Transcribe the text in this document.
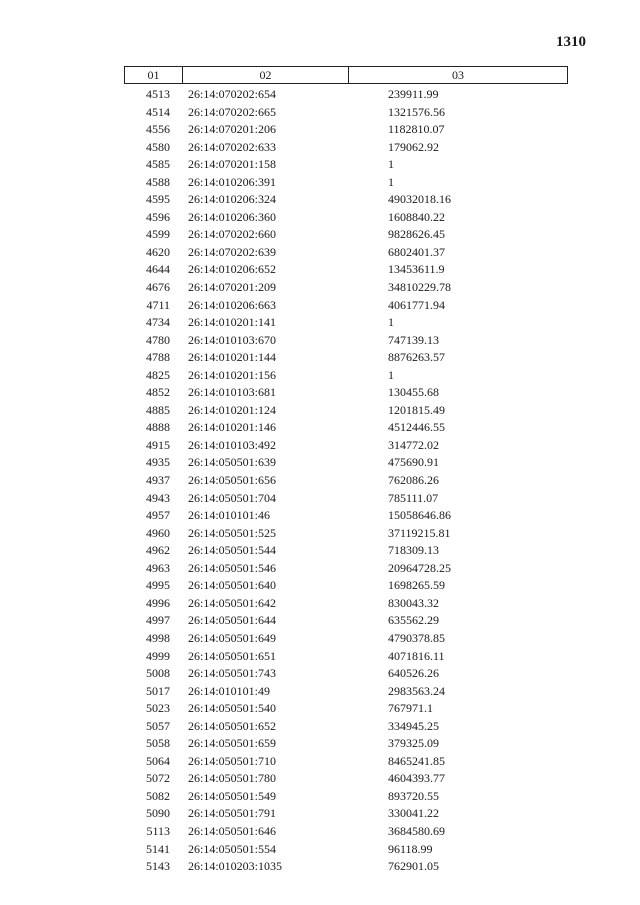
1310
01	02	03
4513	26:14:070202:654	239911.99
4514	26:14:070202:665	1321576.56
4556	26:14:070201:206	1182810.07
4580	26:14:070202:633	179062.92
4585	26:14:070201:158	1
4588	26:14:010206:391	1
4595	26:14:010206:324	49032018.16
4596	26:14:010206:360	1608840.22
4599	26:14:070202:660	9828626.45
4620	26:14:070202:639	6802401.37
4644	26:14:010206:652	13453611.9
4676	26:14:070201:209	34810229.78
4711	26:14:010206:663	4061771.94
4734	26:14:010201:141	1
4780	26:14:010103:670	747139.13
4788	26:14:010201:144	8876263.57
4825	26:14:010201:156	1
4852	26:14:010103:681	130455.68
4885	26:14:010201:124	1201815.49
4888	26:14:010201:146	4512446.55
4915	26:14:010103:492	314772.02
4935	26:14:050501:639	475690.91
4937	26:14:050501:656	762086.26
4943	26:14:050501:704	785111.07
4957	26:14:010101:46	15058646.86
4960	26:14:050501:525	37119215.81
4962	26:14:050501:544	718309.13
4963	26:14:050501:546	20964728.25
4995	26:14:050501:640	1698265.59
4996	26:14:050501:642	830043.32
4997	26:14:050501:644	635562.29
4998	26:14:050501:649	4790378.85
4999	26:14:050501:651	4071816.11
5008	26:14:050501:743	640526.26
5017	26:14:010101:49	2983563.24
5023	26:14:050501:540	767971.1
5057	26:14:050501:652	334945.25
5058	26:14:050501:659	379325.09
5064	26:14:050501:710	8465241.85
5072	26:14:050501:780	4604393.77
5082	26:14:050501:549	893720.55
5090	26:14:050501:791	330041.22
5113	26:14:050501:646	3684580.69
5141	26:14:050501:554	96118.99
5143	26:14:010203:1035	762901.05
